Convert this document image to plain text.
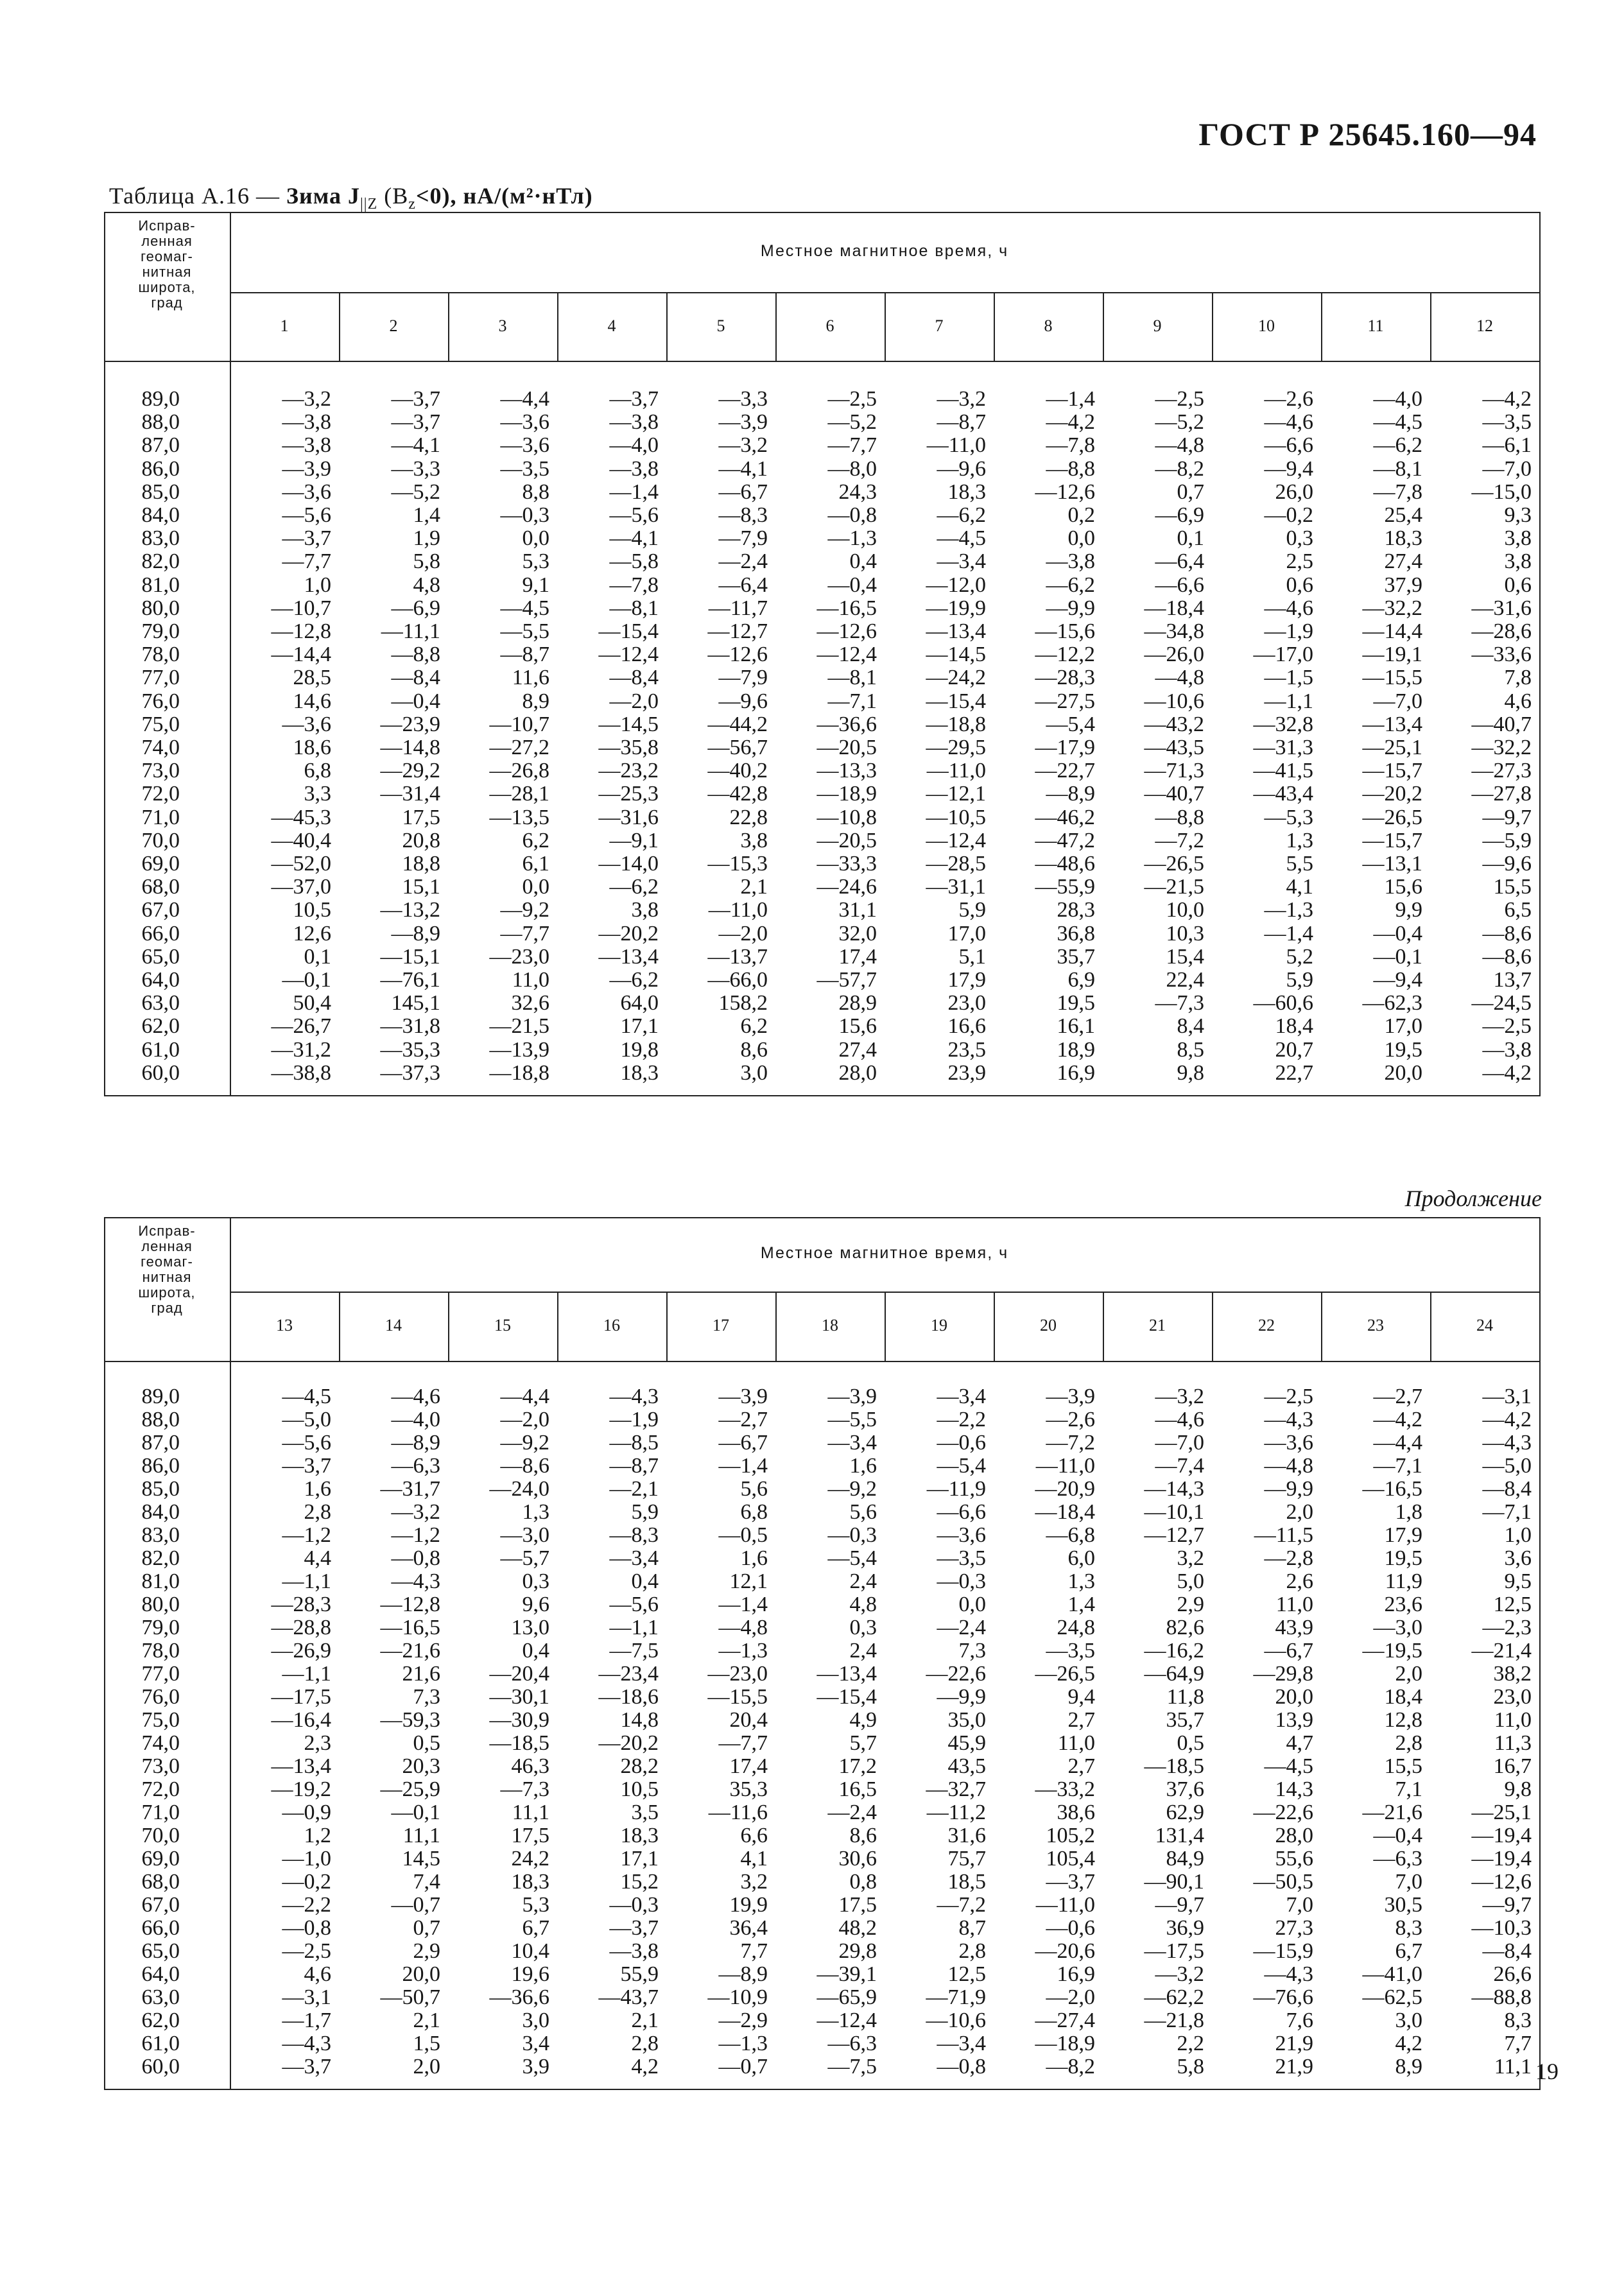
ГОСТ Р 25645.160—94
Таблица А.16 — Зима $J_{||Z}$ $(B_z<0)$, нА/(м²·нТл)
Исправ-
ленная
геомаг-
нитная
широта,
град
Местное магнитное время, ч
1	2	3	4	5	6	7	8	9	10	11	12
89,0	—3,2	—3,7	—4,4	—3,7	—3,3	—2,5	—3,2	—1,4	—2,5	—2,6	—4,0	—4,2
88,0	—3,8	—3,7	—3,6	—3,8	—3,9	—5,2	—8,7	—4,2	—5,2	—4,6	—4,5	—3,5
87,0	—3,8	—4,1	—3,6	—4,0	—3,2	—7,7	—11,0	—7,8	—4,8	—6,6	—6,2	—6,1
86,0	—3,9	—3,3	—3,5	—3,8	—4,1	—8,0	—9,6	—8,8	—8,2	—9,4	—8,1	—7,0
85,0	—3,6	—5,2	8,8	—1,4	—6,7	24,3	18,3	—12,6	0,7	26,0	—7,8	—15,0
84,0	—5,6	1,4	—0,3	—5,6	—8,3	—0,8	—6,2	0,2	—6,9	—0,2	25,4	9,3
83,0	—3,7	1,9	0,0	—4,1	—7,9	—1,3	—4,5	0,0	0,1	0,3	18,3	3,8
82,0	—7,7	5,8	5,3	—5,8	—2,4	0,4	—3,4	—3,8	—6,4	2,5	27,4	3,8
81,0	1,0	4,8	9,1	—7,8	—6,4	—0,4	—12,0	—6,2	—6,6	0,6	37,9	0,6
80,0	—10,7	—6,9	—4,5	—8,1	—11,7	—16,5	—19,9	—9,9	—18,4	—4,6	—32,2	—31,6
79,0	—12,8	—11,1	—5,5	—15,4	—12,7	—12,6	—13,4	—15,6	—34,8	—1,9	—14,4	—28,6
78,0	—14,4	—8,8	—8,7	—12,4	—12,6	—12,4	—14,5	—12,2	—26,0	—17,0	—19,1	—33,6
77,0	28,5	—8,4	11,6	—8,4	—7,9	—8,1	—24,2	—28,3	—4,8	—1,5	—15,5	7,8
76,0	14,6	—0,4	8,9	—2,0	—9,6	—7,1	—15,4	—27,5	—10,6	—1,1	—7,0	4,6
75,0	—3,6	—23,9	—10,7	—14,5	—44,2	—36,6	—18,8	—5,4	—43,2	—32,8	—13,4	—40,7
74,0	18,6	—14,8	—27,2	—35,8	—56,7	—20,5	—29,5	—17,9	—43,5	—31,3	—25,1	—32,2
73,0	6,8	—29,2	—26,8	—23,2	—40,2	—13,3	—11,0	—22,7	—71,3	—41,5	—15,7	—27,3
72,0	3,3	—31,4	—28,1	—25,3	—42,8	—18,9	—12,1	—8,9	—40,7	—43,4	—20,2	—27,8
71,0	—45,3	17,5	—13,5	—31,6	22,8	—10,8	—10,5	—46,2	—8,8	—5,3	—26,5	—9,7
70,0	—40,4	20,8	6,2	—9,1	3,8	—20,5	—12,4	—47,2	—7,2	1,3	—15,7	—5,9
69,0	—52,0	18,8	6,1	—14,0	—15,3	—33,3	—28,5	—48,6	—26,5	5,5	—13,1	—9,6
68,0	—37,0	15,1	0,0	—6,2	2,1	—24,6	—31,1	—55,9	—21,5	4,1	15,6	15,5
67,0	10,5	—13,2	—9,2	3,8	—11,0	31,1	5,9	28,3	10,0	—1,3	9,9	6,5
66,0	12,6	—8,9	—7,7	—20,2	—2,0	32,0	17,0	36,8	10,3	—1,4	—0,4	—8,6
65,0	0,1	—15,1	—23,0	—13,4	—13,7	17,4	5,1	35,7	15,4	5,2	—0,1	—8,6
64,0	—0,1	—76,1	11,0	—6,2	—66,0	—57,7	17,9	6,9	22,4	5,9	—9,4	13,7
63,0	50,4	145,1	32,6	64,0	158,2	28,9	23,0	19,5	—7,3	—60,6	—62,3	—24,5
62,0	—26,7	—31,8	—21,5	17,1	6,2	15,6	16,6	16,1	8,4	18,4	17,0	—2,5
61,0	—31,2	—35,3	—13,9	19,8	8,6	27,4	23,5	18,9	8,5	20,7	19,5	—3,8
60,0	—38,8	—37,3	—18,8	18,3	3,0	28,0	23,9	16,9	9,8	22,7	20,0	—4,2
Продолжение
Исправ-
ленная
геомаг-
нитная
широта,
град
Местное магнитное время, ч
13	14	15	16	17	18	19	20	21	22	23	24
89,0	—4,5	—4,6	—4,4	—4,3	—3,9	—3,9	—3,4	—3,9	—3,2	—2,5	—2,7	—3,1
88,0	—5,0	—4,0	—2,0	—1,9	—2,7	—5,5	—2,2	—2,6	—4,6	—4,3	—4,2	—4,2
87,0	—5,6	—8,9	—9,2	—8,5	—6,7	—3,4	—0,6	—7,2	—7,0	—3,6	—4,4	—4,3
86,0	—3,7	—6,3	—8,6	—8,7	—1,4	1,6	—5,4	—11,0	—7,4	—4,8	—7,1	—5,0
85,0	1,6	—31,7	—24,0	—2,1	5,6	—9,2	—11,9	—20,9	—14,3	—9,9	—16,5	—8,4
84,0	2,8	—3,2	1,3	5,9	6,8	5,6	—6,6	—18,4	—10,1	2,0	1,8	—7,1
83,0	—1,2	—1,2	—3,0	—8,3	—0,5	—0,3	—3,6	—6,8	—12,7	—11,5	17,9	1,0
82,0	4,4	—0,8	—5,7	—3,4	1,6	—5,4	—3,5	6,0	3,2	—2,8	19,5	3,6
81,0	—1,1	—4,3	0,3	0,4	12,1	2,4	—0,3	1,3	5,0	2,6	11,9	9,5
80,0	—28,3	—12,8	9,6	—5,6	—1,4	4,8	0,0	1,4	2,9	11,0	23,6	12,5
79,0	—28,8	—16,5	13,0	—1,1	—4,8	0,3	—2,4	24,8	82,6	43,9	—3,0	—2,3
78,0	—26,9	—21,6	0,4	—7,5	—1,3	2,4	7,3	—3,5	—16,2	—6,7	—19,5	—21,4
77,0	—1,1	21,6	—20,4	—23,4	—23,0	—13,4	—22,6	—26,5	—64,9	—29,8	2,0	38,2
76,0	—17,5	7,3	—30,1	—18,6	—15,5	—15,4	—9,9	9,4	11,8	20,0	18,4	23,0
75,0	—16,4	—59,3	—30,9	14,8	20,4	4,9	35,0	2,7	35,7	13,9	12,8	11,0
74,0	2,3	0,5	—18,5	—20,2	—7,7	5,7	45,9	11,0	0,5	4,7	2,8	11,3
73,0	—13,4	20,3	46,3	28,2	17,4	17,2	43,5	2,7	—18,5	—4,5	15,5	16,7
72,0	—19,2	—25,9	—7,3	10,5	35,3	16,5	—32,7	—33,2	37,6	14,3	7,1	9,8
71,0	—0,9	—0,1	11,1	3,5	—11,6	—2,4	—11,2	38,6	62,9	—22,6	—21,6	—25,1
70,0	1,2	11,1	17,5	18,3	6,6	8,6	31,6	105,2	131,4	28,0	—0,4	—19,4
69,0	—1,0	14,5	24,2	17,1	4,1	30,6	75,7	105,4	84,9	55,6	—6,3	—19,4
68,0	—0,2	7,4	18,3	15,2	3,2	0,8	18,5	—3,7	—90,1	—50,5	7,0	—12,6
67,0	—2,2	—0,7	5,3	—0,3	19,9	17,5	—7,2	—11,0	—9,7	7,0	30,5	—9,7
66,0	—0,8	0,7	6,7	—3,7	36,4	48,2	8,7	—0,6	36,9	27,3	8,3	—10,3
65,0	—2,5	2,9	10,4	—3,8	7,7	29,8	2,8	—20,6	—17,5	—15,9	6,7	—8,4
64,0	4,6	20,0	19,6	55,9	—8,9	—39,1	12,5	16,9	—3,2	—4,3	—41,0	26,6
63,0	—3,1	—50,7	—36,6	—43,7	—10,9	—65,9	—71,9	—2,0	—62,2	—76,6	—62,5	—88,8
62,0	—1,7	2,1	3,0	2,1	—2,9	—12,4	—10,6	—27,4	—21,8	7,6	3,0	8,3
61,0	—4,3	1,5	3,4	2,8	—1,3	—6,3	—3,4	—18,9	2,2	21,9	4,2	7,7
60,0	—3,7	2,0	3,9	4,2	—0,7	—7,5	—0,8	—8,2	5,8	21,9	8,9	11,1 19
